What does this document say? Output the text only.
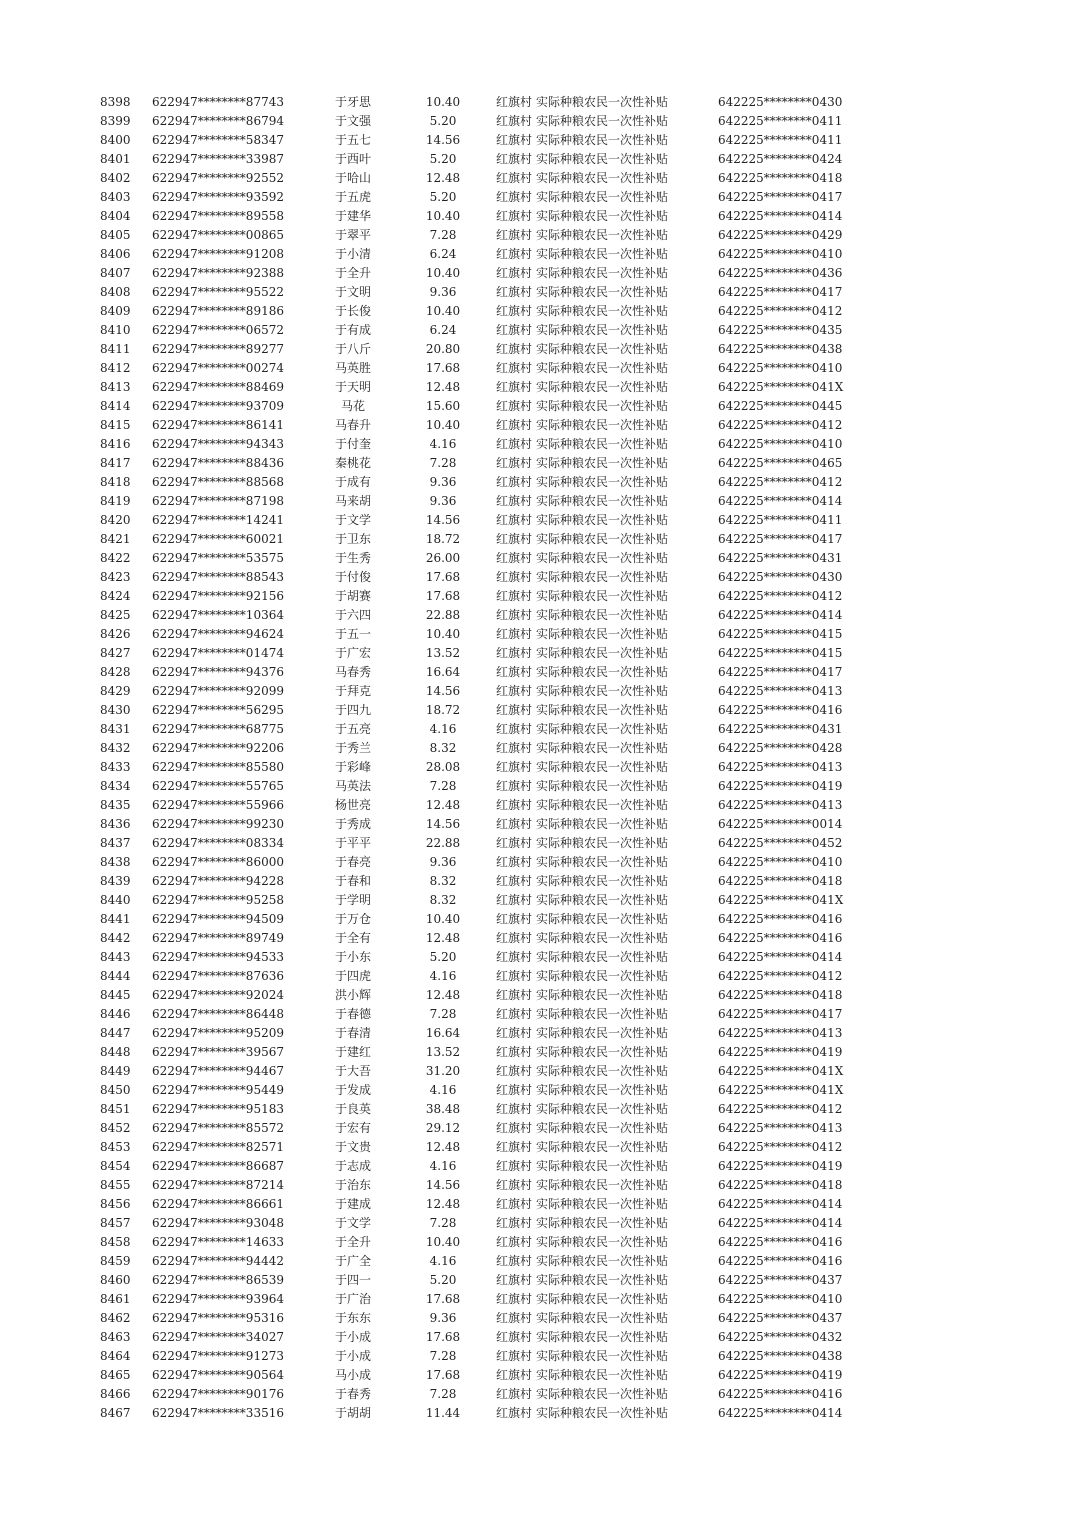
8398	622947********87743	于牙思	10.40	红旗村	实际种粮农民一次性补贴	642225********0430
8399	622947********86794	于文强	5.20	红旗村	实际种粮农民一次性补贴	642225********0411
8400	622947********58347	于五七	14.56	红旗村	实际种粮农民一次性补贴	642225********0411
8401	622947********33987	于西叶	5.20	红旗村	实际种粮农民一次性补贴	642225********0424
8402	622947********92552	于哈山	12.48	红旗村	实际种粮农民一次性补贴	642225********0418
8403	622947********93592	于五虎	5.20	红旗村	实际种粮农民一次性补贴	642225********0417
8404	622947********89558	于建华	10.40	红旗村	实际种粮农民一次性补贴	642225********0414
8405	622947********00865	于翠平	7.28	红旗村	实际种粮农民一次性补贴	642225********0429
8406	622947********91208	于小清	6.24	红旗村	实际种粮农民一次性补贴	642225********0410
8407	622947********92388	于全升	10.40	红旗村	实际种粮农民一次性补贴	642225********0436
8408	622947********95522	于文明	9.36	红旗村	实际种粮农民一次性补贴	642225********0417
8409	622947********89186	于长俊	10.40	红旗村	实际种粮农民一次性补贴	642225********0412
8410	622947********06572	于有成	6.24	红旗村	实际种粮农民一次性补贴	642225********0435
8411	622947********89277	于八斤	20.80	红旗村	实际种粮农民一次性补贴	642225********0438
8412	622947********00274	马英胜	17.68	红旗村	实际种粮农民一次性补贴	642225********0410
8413	622947********88469	于天明	12.48	红旗村	实际种粮农民一次性补贴	642225********041X
8414	622947********93709	马花	15.60	红旗村	实际种粮农民一次性补贴	642225********0445
8415	622947********86141	马春升	10.40	红旗村	实际种粮农民一次性补贴	642225********0412
8416	622947********94343	于付奎	4.16	红旗村	实际种粮农民一次性补贴	642225********0410
8417	622947********88436	秦桃花	7.28	红旗村	实际种粮农民一次性补贴	642225********0465
8418	622947********88568	于成有	9.36	红旗村	实际种粮农民一次性补贴	642225********0412
8419	622947********87198	马来胡	9.36	红旗村	实际种粮农民一次性补贴	642225********0414
8420	622947********14241	于文学	14.56	红旗村	实际种粮农民一次性补贴	642225********0411
8421	622947********60021	于卫东	18.72	红旗村	实际种粮农民一次性补贴	642225********0417
8422	622947********53575	于生秀	26.00	红旗村	实际种粮农民一次性补贴	642225********0431
8423	622947********88543	于付俊	17.68	红旗村	实际种粮农民一次性补贴	642225********0430
8424	622947********92156	于胡赛	17.68	红旗村	实际种粮农民一次性补贴	642225********0412
8425	622947********10364	于六四	22.88	红旗村	实际种粮农民一次性补贴	642225********0414
8426	622947********94624	于五一	10.40	红旗村	实际种粮农民一次性补贴	642225********0415
8427	622947********01474	于广宏	13.52	红旗村	实际种粮农民一次性补贴	642225********0415
8428	622947********94376	马春秀	16.64	红旗村	实际种粮农民一次性补贴	642225********0417
8429	622947********92099	于拜克	14.56	红旗村	实际种粮农民一次性补贴	642225********0413
8430	622947********56295	于四九	18.72	红旗村	实际种粮农民一次性补贴	642225********0416
8431	622947********68775	于五亮	4.16	红旗村	实际种粮农民一次性补贴	642225********0431
8432	622947********92206	于秀兰	8.32	红旗村	实际种粮农民一次性补贴	642225********0428
8433	622947********85580	于彩峰	28.08	红旗村	实际种粮农民一次性补贴	642225********0413
8434	622947********55765	马英法	7.28	红旗村	实际种粮农民一次性补贴	642225********0419
8435	622947********55966	杨世亮	12.48	红旗村	实际种粮农民一次性补贴	642225********0413
8436	622947********99230	于秀成	14.56	红旗村	实际种粮农民一次性补贴	642225********0014
8437	622947********08334	于平平	22.88	红旗村	实际种粮农民一次性补贴	642225********0452
8438	622947********86000	于春亮	9.36	红旗村	实际种粮农民一次性补贴	642225********0410
8439	622947********94228	于春和	8.32	红旗村	实际种粮农民一次性补贴	642225********0418
8440	622947********95258	于学明	8.32	红旗村	实际种粮农民一次性补贴	642225********041X
8441	622947********94509	于万仓	10.40	红旗村	实际种粮农民一次性补贴	642225********0416
8442	622947********89749	于全有	12.48	红旗村	实际种粮农民一次性补贴	642225********0416
8443	622947********94533	于小东	5.20	红旗村	实际种粮农民一次性补贴	642225********0414
8444	622947********87636	于四虎	4.16	红旗村	实际种粮农民一次性补贴	642225********0412
8445	622947********92024	洪小辉	12.48	红旗村	实际种粮农民一次性补贴	642225********0418
8446	622947********86448	于春德	7.28	红旗村	实际种粮农民一次性补贴	642225********0417
8447	622947********95209	于春清	16.64	红旗村	实际种粮农民一次性补贴	642225********0413
8448	622947********39567	于建红	13.52	红旗村	实际种粮农民一次性补贴	642225********0419
8449	622947********94467	于大吾	31.20	红旗村	实际种粮农民一次性补贴	642225********041X
8450	622947********95449	于发成	4.16	红旗村	实际种粮农民一次性补贴	642225********041X
8451	622947********95183	于良英	38.48	红旗村	实际种粮农民一次性补贴	642225********0412
8452	622947********85572	于宏有	29.12	红旗村	实际种粮农民一次性补贴	642225********0413
8453	622947********82571	于文贵	12.48	红旗村	实际种粮农民一次性补贴	642225********0412
8454	622947********86687	于志成	4.16	红旗村	实际种粮农民一次性补贴	642225********0419
8455	622947********87214	于治东	14.56	红旗村	实际种粮农民一次性补贴	642225********0418
8456	622947********86661	于建成	12.48	红旗村	实际种粮农民一次性补贴	642225********0414
8457	622947********93048	于文学	7.28	红旗村	实际种粮农民一次性补贴	642225********0414
8458	622947********14633	于全升	10.40	红旗村	实际种粮农民一次性补贴	642225********0416
8459	622947********94442	于广全	4.16	红旗村	实际种粮农民一次性补贴	642225********0416
8460	622947********86539	于四一	5.20	红旗村	实际种粮农民一次性补贴	642225********0437
8461	622947********93964	于广治	17.68	红旗村	实际种粮农民一次性补贴	642225********0410
8462	622947********95316	于东东	9.36	红旗村	实际种粮农民一次性补贴	642225********0437
8463	622947********34027	于小成	17.68	红旗村	实际种粮农民一次性补贴	642225********0432
8464	622947********91273	于小成	7.28	红旗村	实际种粮农民一次性补贴	642225********0438
8465	622947********90564	马小成	17.68	红旗村	实际种粮农民一次性补贴	642225********0419
8466	622947********90176	于春秀	7.28	红旗村	实际种粮农民一次性补贴	642225********0416
8467	622947********33516	于胡胡	11.44	红旗村	实际种粮农民一次性补贴	642225********0414
